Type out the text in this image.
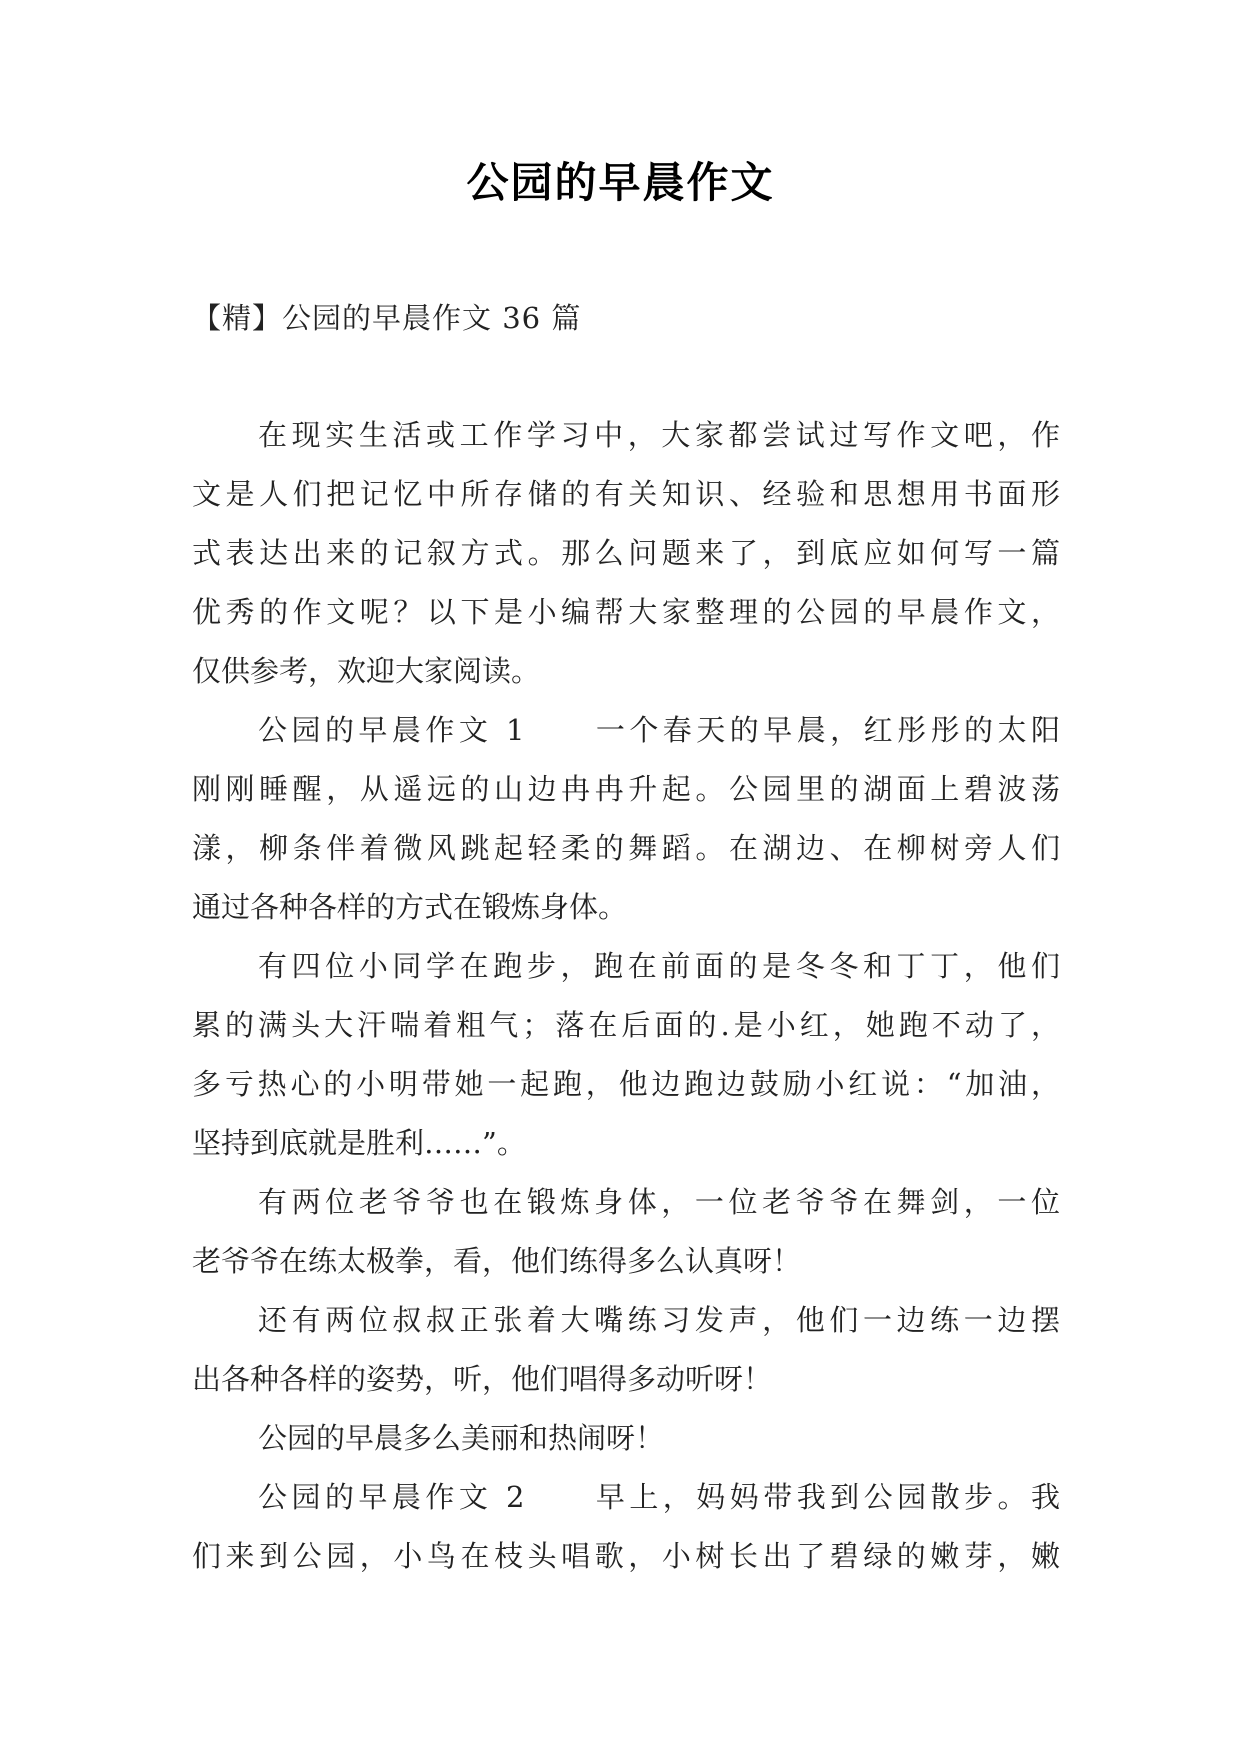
公园的早晨作文
【精】公园的早晨作文 36 篇
在现实生活或工作学习中，大家都尝试过写作文吧，作
文是人们把记忆中所存储的有关知识、经验和思想用书面形
式表达出来的记叙方式。那么问题来了，到底应如何写一篇
优秀的作文呢？以下是小编帮大家整理的公园的早晨作文，
仅供参考，欢迎大家阅读。
公园的早晨作文 1　　一个春天的早晨，红彤彤的太阳
刚刚睡醒，从遥远的山边冉冉升起。公园里的湖面上碧波荡
漾，柳条伴着微风跳起轻柔的舞蹈。在湖边、在柳树旁人们
通过各种各样的方式在锻炼身体。
有四位小同学在跑步，跑在前面的是冬冬和丁丁，他们
累的满头大汗喘着粗气；落在后面的.是小红，她跑不动了，
多亏热心的小明带她一起跑，他边跑边鼓励小红说：“加油，
坚持到底就是胜利……”。
有两位老爷爷也在锻炼身体，一位老爷爷在舞剑，一位
老爷爷在练太极拳，看，他们练得多么认真呀！
还有两位叔叔正张着大嘴练习发声，他们一边练一边摆
出各种各样的姿势，听，他们唱得多动听呀！
公园的早晨多么美丽和热闹呀！
公园的早晨作文 2　　早上，妈妈带我到公园散步。我
们来到公园，小鸟在枝头唱歌，小树长出了碧绿的嫩芽，嫩
